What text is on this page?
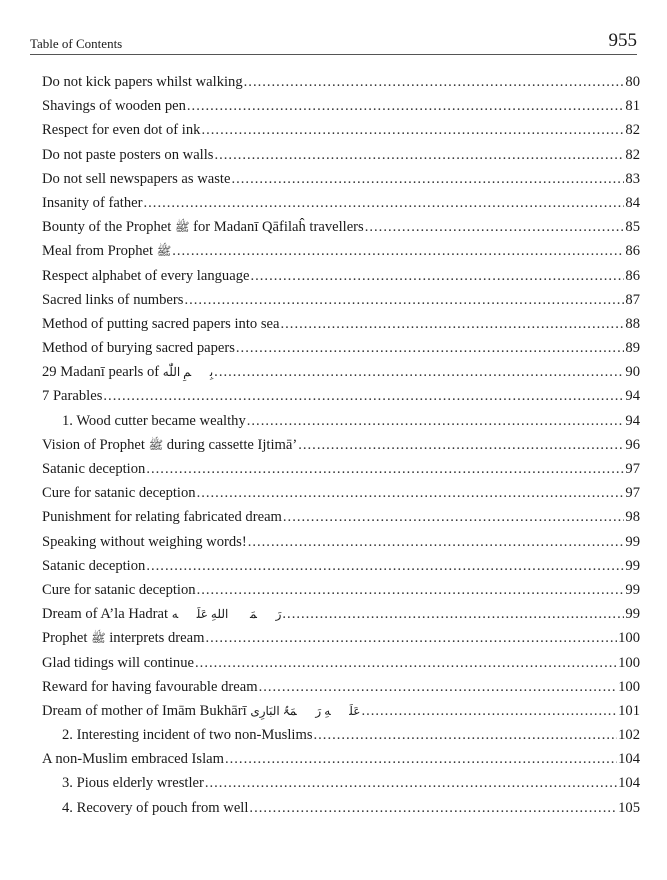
Table of Contents	955
Do not kick papers whilst walking .....	80
Shavings of wooden pen .....	81
Respect for even dot of ink .....	82
Do not paste posters on walls .....	82
Do not sell newspapers as waste .....	83
Insanity of father .....	84
Bounty of the Prophet ﷺ for Madanī Qāfilaĥ travellers .....	85
Meal from Prophet ﷺ .....	86
Respect alphabet of every language .....	86
Sacred links of numbers .....	87
Method of putting sacred papers into sea .....	88
Method of burying sacred papers .....	89
29 Madanī pearls of بِسۡمِ اللّٰه .....	90
7 Parables .....	94
1. Wood cutter became wealthy .....	94
Vision of Prophet ﷺ during cassette Ijtimā’ .....	96
Satanic deception .....	97
Cure for satanic deception .....	97
Punishment for relating fabricated dream .....	98
Speaking without weighing words! .....	99
Satanic deception .....	99
Cure for satanic deception .....	99
Dream of A’la Hadrat رَحۡمَۃُ اللهِ عَلَيۡه .....	99
Prophet ﷺ interprets dream .....	100
Glad tidings will continue .....	100
Reward for having favourable dream .....	100
Dream of mother of Imām Bukhārī عَلَيۡهِ رَحۡمَۃُ البَارِی .....	101
2. Interesting incident of two non-Muslims .....	102
A non-Muslim embraced Islam .....	104
3. Pious elderly wrestler .....	104
4. Recovery of pouch from well .....	105
